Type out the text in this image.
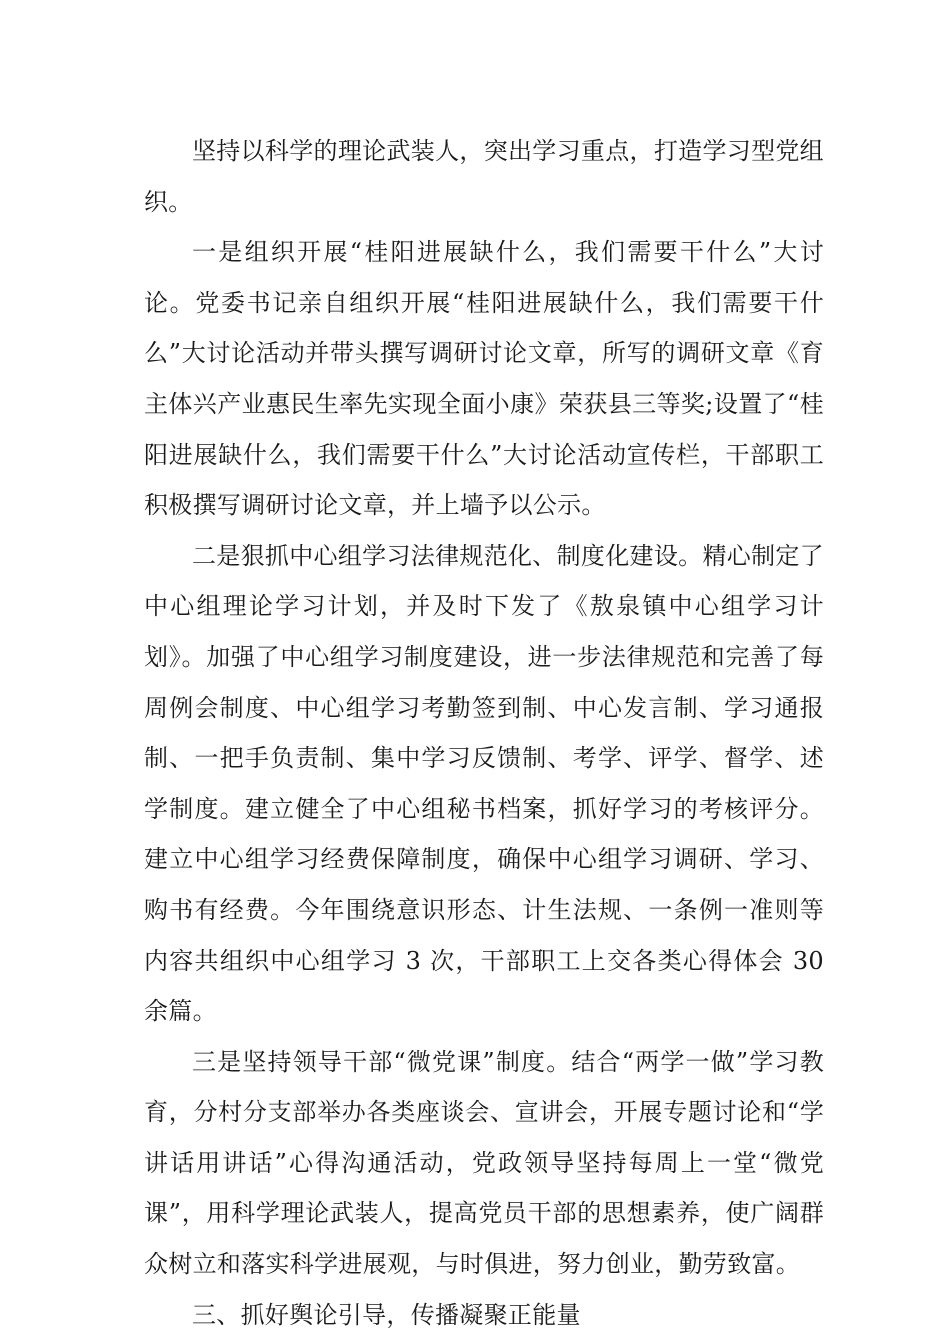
坚持以科学的理论武装人，突出学习重点，打造学习型党组织。

一是组织开展“桂阳进展缺什么，我们需要干什么”大讨论。党委书记亲自组织开展“桂阳进展缺什么，我们需要干什么”大讨论活动并带头撰写调研讨论文章，所写的调研文章《育主体兴产业惠民生率先实现全面小康》荣获县三等奖;设置了“桂阳进展缺什么，我们需要干什么”大讨论活动宣传栏，干部职工积极撰写调研讨论文章，并上墙予以公示。

二是狠抓中心组学习法律规范化、制度化建设。精心制定了中心组理论学习计划，并及时下发了《敖泉镇中心组学习计划》。加强了中心组学习制度建设，进一步法律规范和完善了每周例会制度、中心组学习考勤签到制、中心发言制、学习通报制、一把手负责制、集中学习反馈制、考学、评学、督学、述学制度。建立健全了中心组秘书档案，抓好学习的考核评分。建立中心组学习经费保障制度，确保中心组学习调研、学习、购书有经费。今年围绕意识形态、计生法规、一条例一准则等内容共组织中心组学习 3 次，干部职工上交各类心得体会 30 余篇。

三是坚持领导干部“微党课”制度。结合“两学一做”学习教育，分村分支部举办各类座谈会、宣讲会，开展专题讨论和“学讲话用讲话”心得沟通活动，党政领导坚持每周上一堂“微党课”，用科学理论武装人，提高党员干部的思想素养，使广阔群众树立和落实科学进展观，与时俱进，努力创业，勤劳致富。

三、抓好舆论引导，传播凝聚正能量
